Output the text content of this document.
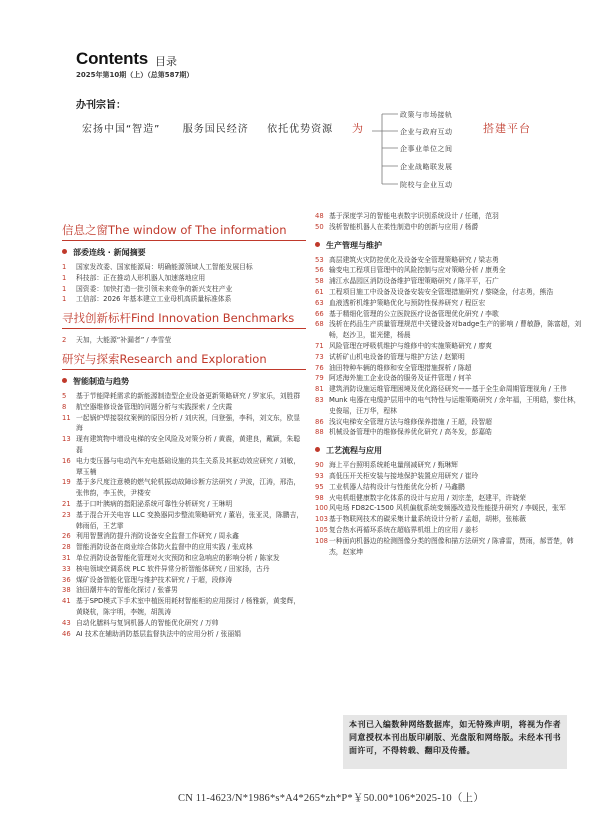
Contents 目录
2025年第10期（上）（总第587期）
办刊宗旨：
宏扬中国“智造” 服务国民经济 依托优势资源 为
政策与市场接轨
企业与政府互动
企事业单位之间
企业战略联发展
院校与企业互动
搭建平台
信息之窗The window of The information
部委连线 · 新闻摘要
1	国家发改委、国家能源局：明确能源领域人工智能发展目标
1	科技部：正在推动人形机器人加速落地应用
1	国资委：加快打造一批引领未来竞争的新兴支柱产业
1	工信部：2026 年基本建立工业母机高质量标准体系
寻找创新标杆Find Innovation Benchmarks
2	天加，大能源“补漏者” / 李雪莹
研究与探索Research and Exploration
智能制造与趋势
5	基于节能降耗需求的新能源制造型企业设备更新策略研究 / 罗家乐，刘胜群
8	航空器维修设备管理的问题分析与实践探索 / 仝庆霞
11 一起锅炉焊接裂纹案例的原因分析 / 刘庆祝，闫登强，李科，刘文东，欧显海
13 现有建筑物中增设电梯的安全风险及对策分析 / 黄震，黄建良，戴颖，朱聪磊
16 电力变压器与电动汽车充电基础设施的共生关系及其驱动效应研究 / 刘敏，覃玉楠
19 基于多尺度注意模的燃气轮机振动故障诊断方法研究 / 尹波，江涛，邢浩，张伟韵，李玉侠，尹楼安
21 基于口叶胰病的指阳泌系统可靠性分析研究 / 王琳明
23 基于混合开关电容 LLC 变换器同步整流策略研究 / 董岩，张亚灵，陈鹏吉，韩雨佰，王艺霏
26 利用智慧消防提升消防设备安全监督工作研究 / 周永鑫
28 智能消防设备在商业综合体防火监督中的应用实践 / 张成林
31 单位消防设备智能化管理对火灾预防和应急响应的影响分析 / 陈家发
33 核电领域空调系统 PLC 软件异常分析智能体研究 / 田家扬，古丹
36 煤矿设备智能化管理与维护技术研究 / 于超，段修涛
38 油田潮井车的智能化探讨 / 张睿男
41 基于SPD模式下手术室中植医用耗材智能柜的应用探讨 / 杨雅新，黄斐辉，黄晓杭，陈宇明，李婉，胡凯涛
43 自动化膳料与复饲机器人的智能优化研究 / 万帅
46 AI 技术在辅助消防基层监督执法中的应用分析 / 张丽娟
48 基于深度学习的智能电表数字识别系统设计 / 任瑾，范羽
50 浅析智能机器人在柔性制造中的创新与应用 / 杨爵
生产管理与维护
53 高层建筑火灾防控优化及设备安全管理策略研究 / 梁志勇
56 输变电工程项目管理中的风险控制与应对策略分析 / 康勇全
58 浦江水晶园区消防设备维护管理策略研究 / 陈平平，石广
61 工程项目施工中设备及设备安装安全管理措施研究 / 黎晓金，付志勇，熊浩
63 血液透析机维护策略优化与预防性保养研究 / 程臣宏
66 基于精细化管理的公立医院医疗设备管理优化研究 / 李歌
68 浅析在药品生产质量管理规范中关键设备对badge生产的影响 / 曹敏静，陈富超，刘畅，赵沙卫，崔光健，杨晨
71 风险管理在呼吸机维护与维修中的实施策略研究 / 廖爽
73 试析矿山机电设备的管理与维护方法 / 赵繁明
76 油田特种车辆的维修和安全管理措施探析 / 陈超
79 阿述海外施工企业设备的服务及证件管理 / 何羊
81 建筑消防设施运维管理困境及优化路径研究——基于全生命周期管理视角 / 王伟
83 Munk 电器在电缆护层用中的电气特性与运维策略研究 / 余年福，王明皓，黎仕林，史俊瑶，汪万华，程林
86 浅议电梯安全管理方法与维修保养措施 / 王超，段智超
88 机械设备管理中的维修保养优化研究 / 高冬发，彭嘉皓
工艺流程与应用
90 海上平台照明系统耗电量削减研究 / 甄琳辉
93 高低压开关柜安装与接地保护装置应用研究 / 崔玲
95 工业机器人结构设计与性能优化分析 / 马鑫鹏
98 火电机组健康数字化体系的设计与应用 / 刘宗垄，赵建平，许晓荣
100 风电场 FD82C-1500 风机偏航系统变频器改造及性能提升研究 / 李媛民，张军
103 基于物联网技术的碳采集计量系统设计分析 / 孟超，胡彬，张栋薇
105 复合热水再循环系统在超临界机组上的应用 / 姜杉
108 一种面向机器边的检测图像分类的图像和描方法研究 / 陈睿雷，贾雨，郝晋楚，韩杰，赵家坤
本刊已入编数种网络数据库，如无特殊声明，将视为作者同意授权本刊出版印刷版、光盘版和网络版。未经本刊书面许可，不得转载、翻印及传播。
CN 11-4623/N*1986*s*A4*265*zh*P*￥50.00*106*2025-10（上）
